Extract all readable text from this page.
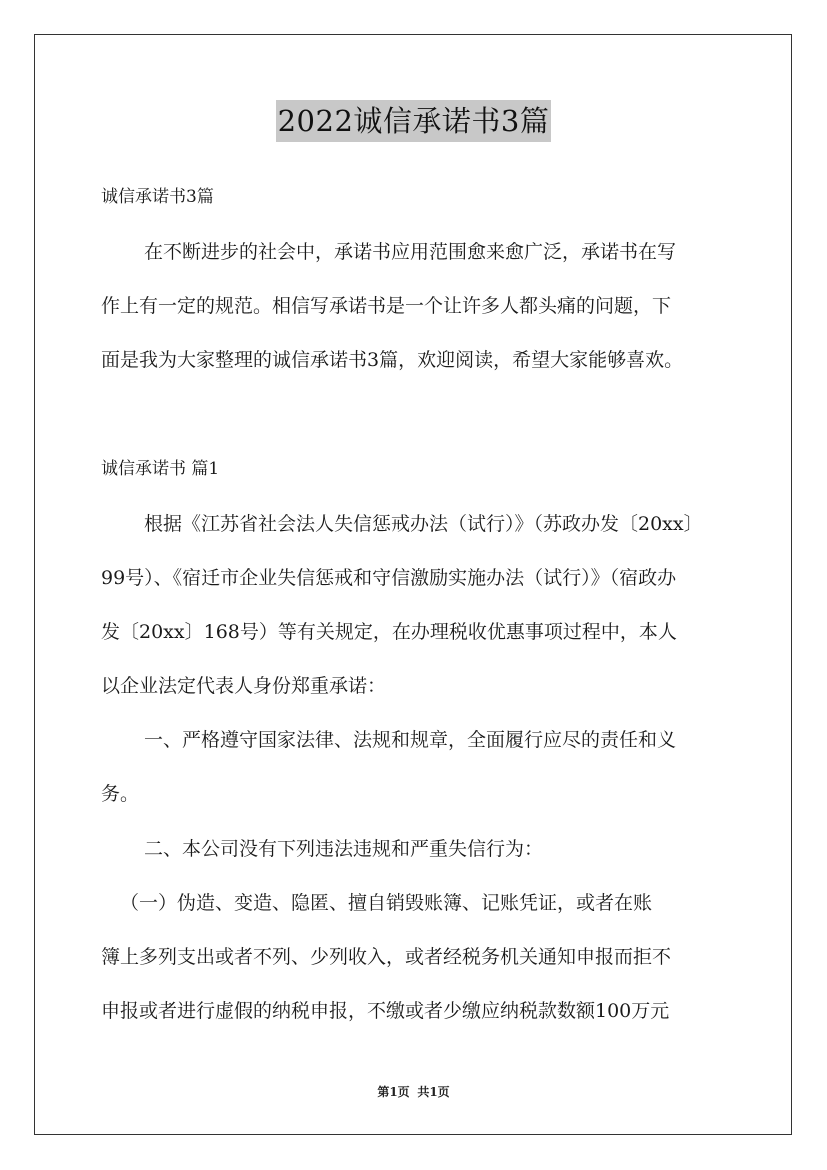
2022诚信承诺书3篇
诚信承诺书3篇
在不断进步的社会中，承诺书应用范围愈来愈广泛，承诺书在写
作上有一定的规范。相信写承诺书是一个让许多人都头痛的问题，下
面是我为大家整理的诚信承诺书3篇，欢迎阅读，希望大家能够喜欢。
诚信承诺书 篇1
根据《江苏省社会法人失信惩戒办法（试行）》（苏政办发〔20xx〕
99号）、《宿迁市企业失信惩戒和守信激励实施办法（试行）》（宿政办
发〔20xx〕168号）等有关规定，在办理税收优惠事项过程中，本人
以企业法定代表人身份郑重承诺：
一、严格遵守国家法律、法规和规章，全面履行应尽的责任和义
务。
二、本公司没有下列违法违规和严重失信行为：
（一）伪造、变造、隐匿、擅自销毁账簿、记账凭证，或者在账
簿上多列支出或者不列、少列收入，或者经税务机关通知申报而拒不
申报或者进行虚假的纳税申报，不缴或者少缴应纳税款数额100万元
第1页 共1页
